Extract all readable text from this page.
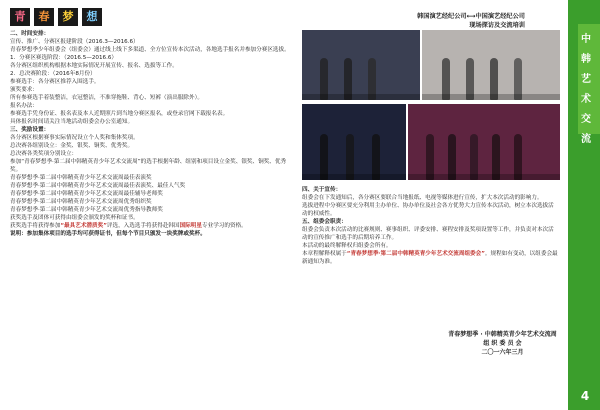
青	春	梦	想

二、时间安排：

宣传、推广、分赛区报建阶段（2016.3—2016.6）

青春梦想季少年组委会（组委会）通过线上线下多渠道、全方位宣传本次活动，各地选手报名并参加分赛区选拔。

1．分赛区赛选阶段：（2016.5—2016.6）

各分赛区组织机构根据本地实际情况开展宣传、报名、选拔等工作。

2．总决赛阶段：（2016年8月份）

参赛选手：各分赛区推荐入围选手。

颁奖要求：

所有参赛选手着装整洁，衣冠整洁，不准穿拖鞋、背心、短裤（演出服除外）。

报名办法：

参赛选手凭身份证、报名表及本人近期照片到当地分赛区报名，或登录官网下载报名表。

具体报名时间请关注当地活动组委会办公室通知。

三、奖励设置：

各分赛区根据赛事实际情况设立个人奖和集体奖项。

总决赛各组别设立：金奖、银奖、铜奖、优秀奖。

总决赛各类奖项分别设立：

参加“青春梦想季·第二届中韩精英青少年艺术交流周”的选手根据年龄、组别和项目设立金奖、银奖、铜奖、优秀奖。

青春梦想季·第二届中韩精英青少年艺术交流周最佳表演奖

青春梦想季·第二届中韩精英青少年艺术交流周最佳表演奖、最佳人气奖

青春梦想季·第二届中韩精英青少年艺术交流周最佳辅导老师奖

青春梦想季·第二届中韩精英青少年艺术交流周优秀组织奖

青春梦想季·第二届中韩精英青少年艺术交流周优秀指导教师奖

获奖选手及团体可获得由组委会颁发的奖杯和证书。

获奖选手将获得参加“最具艺术潜质奖”评选，入选选手将获得赴韩国国际明星专业学习的资格。

说明：参加集体项目的选手均可获得证书，但每个节目只颁发一块奖牌或奖杯。

韩国演艺经纪公司⟷中国演艺经纪公司
现场探访及交流培训
中
韩
艺
术
交
流

四、关于宣传：

组委会在下发通知后，各分赛区要联合当地报纸、电视等媒体进行宣传，扩大本次活动的影响力。

选拔进程中分赛区要充分利用主办单位、协办单位及社会各方优势大力宣传本次活动，树立本次选拔活动的权威性。

五、组委会职责：

组委会负责本次活动的比赛规则、赛事组织、评委安排、赛程安排及奖项设置等工作，并负责对本次活动的宣传推广和选手的后期培养工作。

本活动的最终解释权归组委会所有。

本章程解释权属于“青春梦想季·第二届中韩精英青少年艺术交流周组委会”。规程如有变动，以组委会最新通知为准。

青春梦想季 · 中韩精英青少年艺术交流周
组 织 委 员 会
二〇一六年三月
4
